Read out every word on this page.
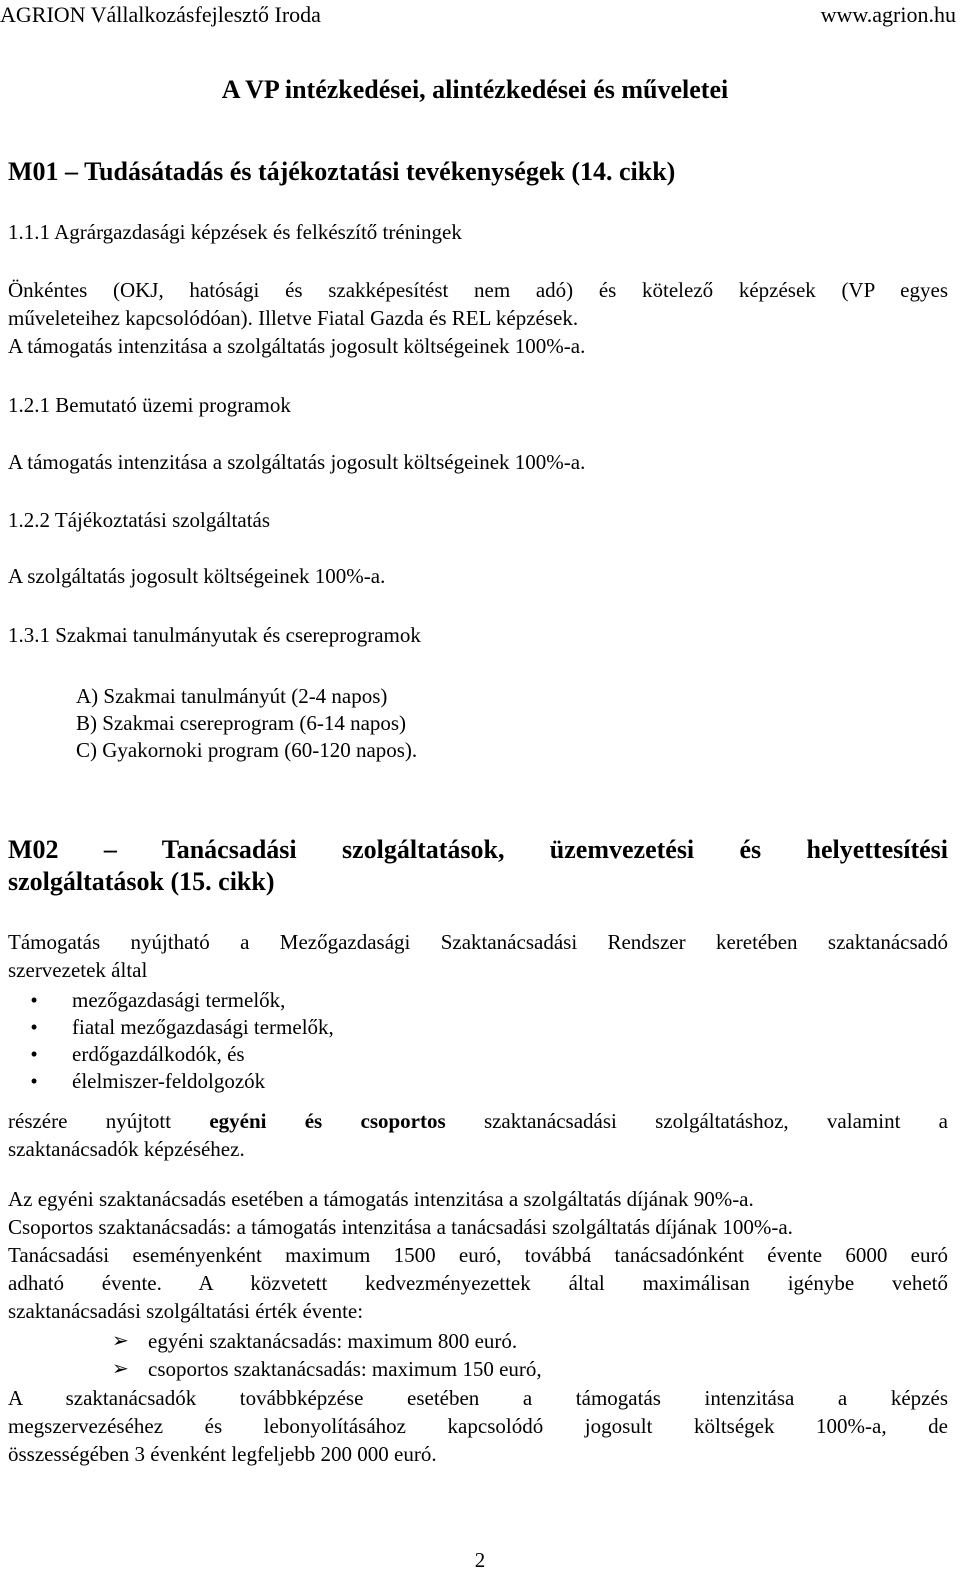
AGRION Vállalkozásfejlesztő Iroda	www.agrion.hu
A VP intézkedései, alintézkedései és műveletei
M01 – Tudásátadás és tájékoztatási tevékenységek (14. cikk)
1.1.1 Agrárgazdasági képzések és felkészítő tréningek
Önkéntes (OKJ, hatósági és szakképesítést nem adó) és kötelező képzések (VP egyes
műveleteihez kapcsolódóan). Illetve Fiatal Gazda és REL képzések.
A támogatás intenzitása a szolgáltatás jogosult költségeinek 100%-a.
1.2.1 Bemutató üzemi programok
A támogatás intenzitása a szolgáltatás jogosult költségeinek 100%-a.
1.2.2 Tájékoztatási szolgáltatás
A szolgáltatás jogosult költségeinek 100%-a.
1.3.1 Szakmai tanulmányutak és csereprogramok
A) Szakmai tanulmányút (2-4 napos)
B) Szakmai csereprogram (6-14 napos)
C) Gyakornoki program (60-120 napos).
M02 – Tanácsadási szolgáltatások, üzemvezetési és helyettesítési
szolgáltatások (15. cikk)
Támogatás nyújtható a Mezőgazdasági Szaktanácsadási Rendszer keretében szaktanácsadó
szervezetek által
•	mezőgazdasági termelők,
•	fiatal mezőgazdasági termelők,
•	erdőgazdálkodók, és
•	élelmiszer-feldolgozók
részére nyújtott egyéni és csoportos szaktanácsadási szolgáltatáshoz, valamint a
szaktanácsadók képzéséhez.
Az egyéni szaktanácsadás esetében a támogatás intenzitása a szolgáltatás díjának 90%-a.
Csoportos szaktanácsadás: a támogatás intenzitása a tanácsadási szolgáltatás díjának 100%-a.
Tanácsadási eseményenként maximum 1500 euró, továbbá tanácsadónként évente 6000 euró
adható évente. A közvetett kedvezményezettek által maximálisan igénybe vehető
szaktanácsadási szolgáltatási érték évente:
➢ egyéni szaktanácsadás: maximum 800 euró.
➢ csoportos szaktanácsadás: maximum 150 euró,
A szaktanácsadók továbbképzése esetében a támogatás intenzitása a képzés
megszervezéséhez és lebonyolításához kapcsolódó jogosult költségek 100%-a, de
összességében 3 évenként legfeljebb 200 000 euró.
2
